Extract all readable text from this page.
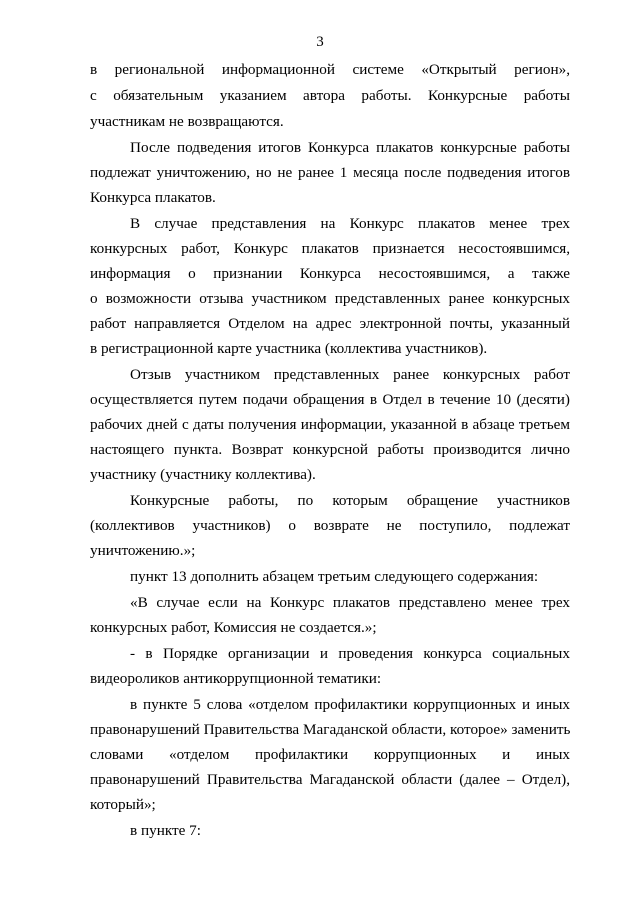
3
в региональной информационной системе «Открытый регион»,
с обязательным указанием автора работы. Конкурсные работы
участникам не возвращаются.
После подведения итогов Конкурса плакатов конкурсные работы
подлежат уничтожению, но не ранее 1 месяца после подведения итогов
Конкурса плакатов.
В случае представления на Конкурс плакатов менее трех
конкурсных работ, Конкурс плакатов признается несостоявшимся,
информация о признании Конкурса несостоявшимся, а также
о возможности отзыва участником представленных ранее конкурсных
работ направляется Отделом на адрес электронной почты, указанный
в регистрационной карте участника (коллектива участников).
Отзыв участником представленных ранее конкурсных работ
осуществляется путем подачи обращения в Отдел в течение 10 (десяти)
рабочих дней с даты получения информации, указанной в абзаце третьем
настоящего пункта. Возврат конкурсной работы производится лично
участнику (участнику коллектива).
Конкурсные работы, по которым обращение участников
(коллективов участников) о возврате не поступило, подлежат
уничтожению.»;
пункт 13 дополнить абзацем третьим следующего содержания:
«В случае если на Конкурс плакатов представлено менее трех
конкурсных работ, Комиссия не создается.»;
- в Порядке организации и проведения конкурса социальных
видеороликов антикоррупционной тематики:
в пункте 5 слова «отделом профилактики коррупционных и иных
правонарушений Правительства Магаданской области, которое» заменить
словами «отделом профилактики коррупционных и иных
правонарушений Правительства Магаданской области (далее – Отдел),
который»;
в пункте 7:
